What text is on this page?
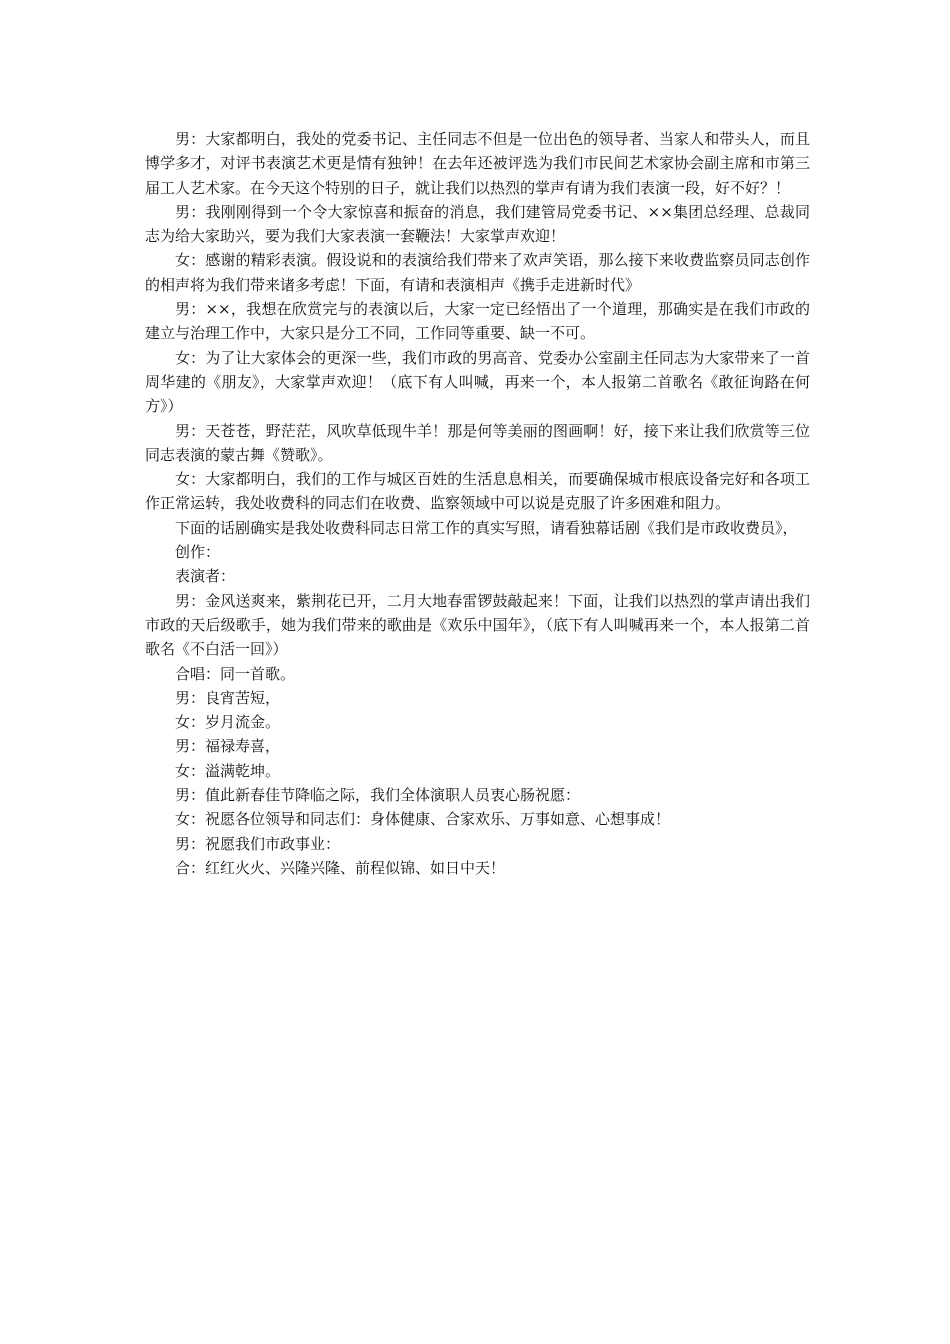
男：大家都明白，我处的党委书记、主任同志不但是一位出色的领导者、当家人和带头人，而且博学多才，对评书表演艺术更是情有独钟！在去年还被评选为我们市民间艺术家协会副主席和市第三届工人艺术家。在今天这个特别的日子，就让我们以热烈的掌声有请为我们表演一段，好不好？！

男：我刚刚得到一个令大家惊喜和振奋的消息，我们建管局党委书记、××集团总经理、总裁同志为给大家助兴，要为我们大家表演一套鞭法！大家掌声欢迎！

女：感谢的精彩表演。假设说和的表演给我们带来了欢声笑语，那么接下来收费监察员同志创作的相声将为我们带来诸多考虑！下面，有请和表演相声《携手走进新时代》

男：××，我想在欣赏完与的表演以后，大家一定已经悟出了一个道理，那确实是在我们市政的建立与治理工作中，大家只是分工不同，工作同等重要、缺一不可。

女：为了让大家体会的更深一些，我们市政的男高音、党委办公室副主任同志为大家带来了一首周华建的《朋友》，大家掌声欢迎！（底下有人叫喊，再来一个，本人报第二首歌名《敢征询路在何方》）

男：天苍苍，野茫茫，风吹草低现牛羊！那是何等美丽的图画啊！好，接下来让我们欣赏等三位同志表演的蒙古舞《赞歌》。

女：大家都明白，我们的工作与城区百姓的生活息息相关，而要确保城市根底设备完好和各项工作正常运转，我处收费科的同志们在收费、监察领域中可以说是克服了许多困难和阻力。

下面的话剧确实是我处收费科同志日常工作的真实写照，请看独幕话剧《我们是市政收费员》，

创作：

表演者：

男：金风送爽来，紫荆花已开，二月大地春雷锣鼓敲起来！下面，让我们以热烈的掌声请出我们市政的天后级歌手，她为我们带来的歌曲是《欢乐中国年》，（底下有人叫喊再来一个，本人报第二首歌名《不白活一回》）

合唱：同一首歌。

男：良宵苦短，

女：岁月流金。

男：福禄寿喜，

女：溢满乾坤。

男：值此新春佳节降临之际，我们全体演职人员衷心肠祝愿：

女：祝愿各位领导和同志们：身体健康、合家欢乐、万事如意、心想事成！

男：祝愿我们市政事业：

合：红红火火、兴隆兴隆、前程似锦、如日中天！
